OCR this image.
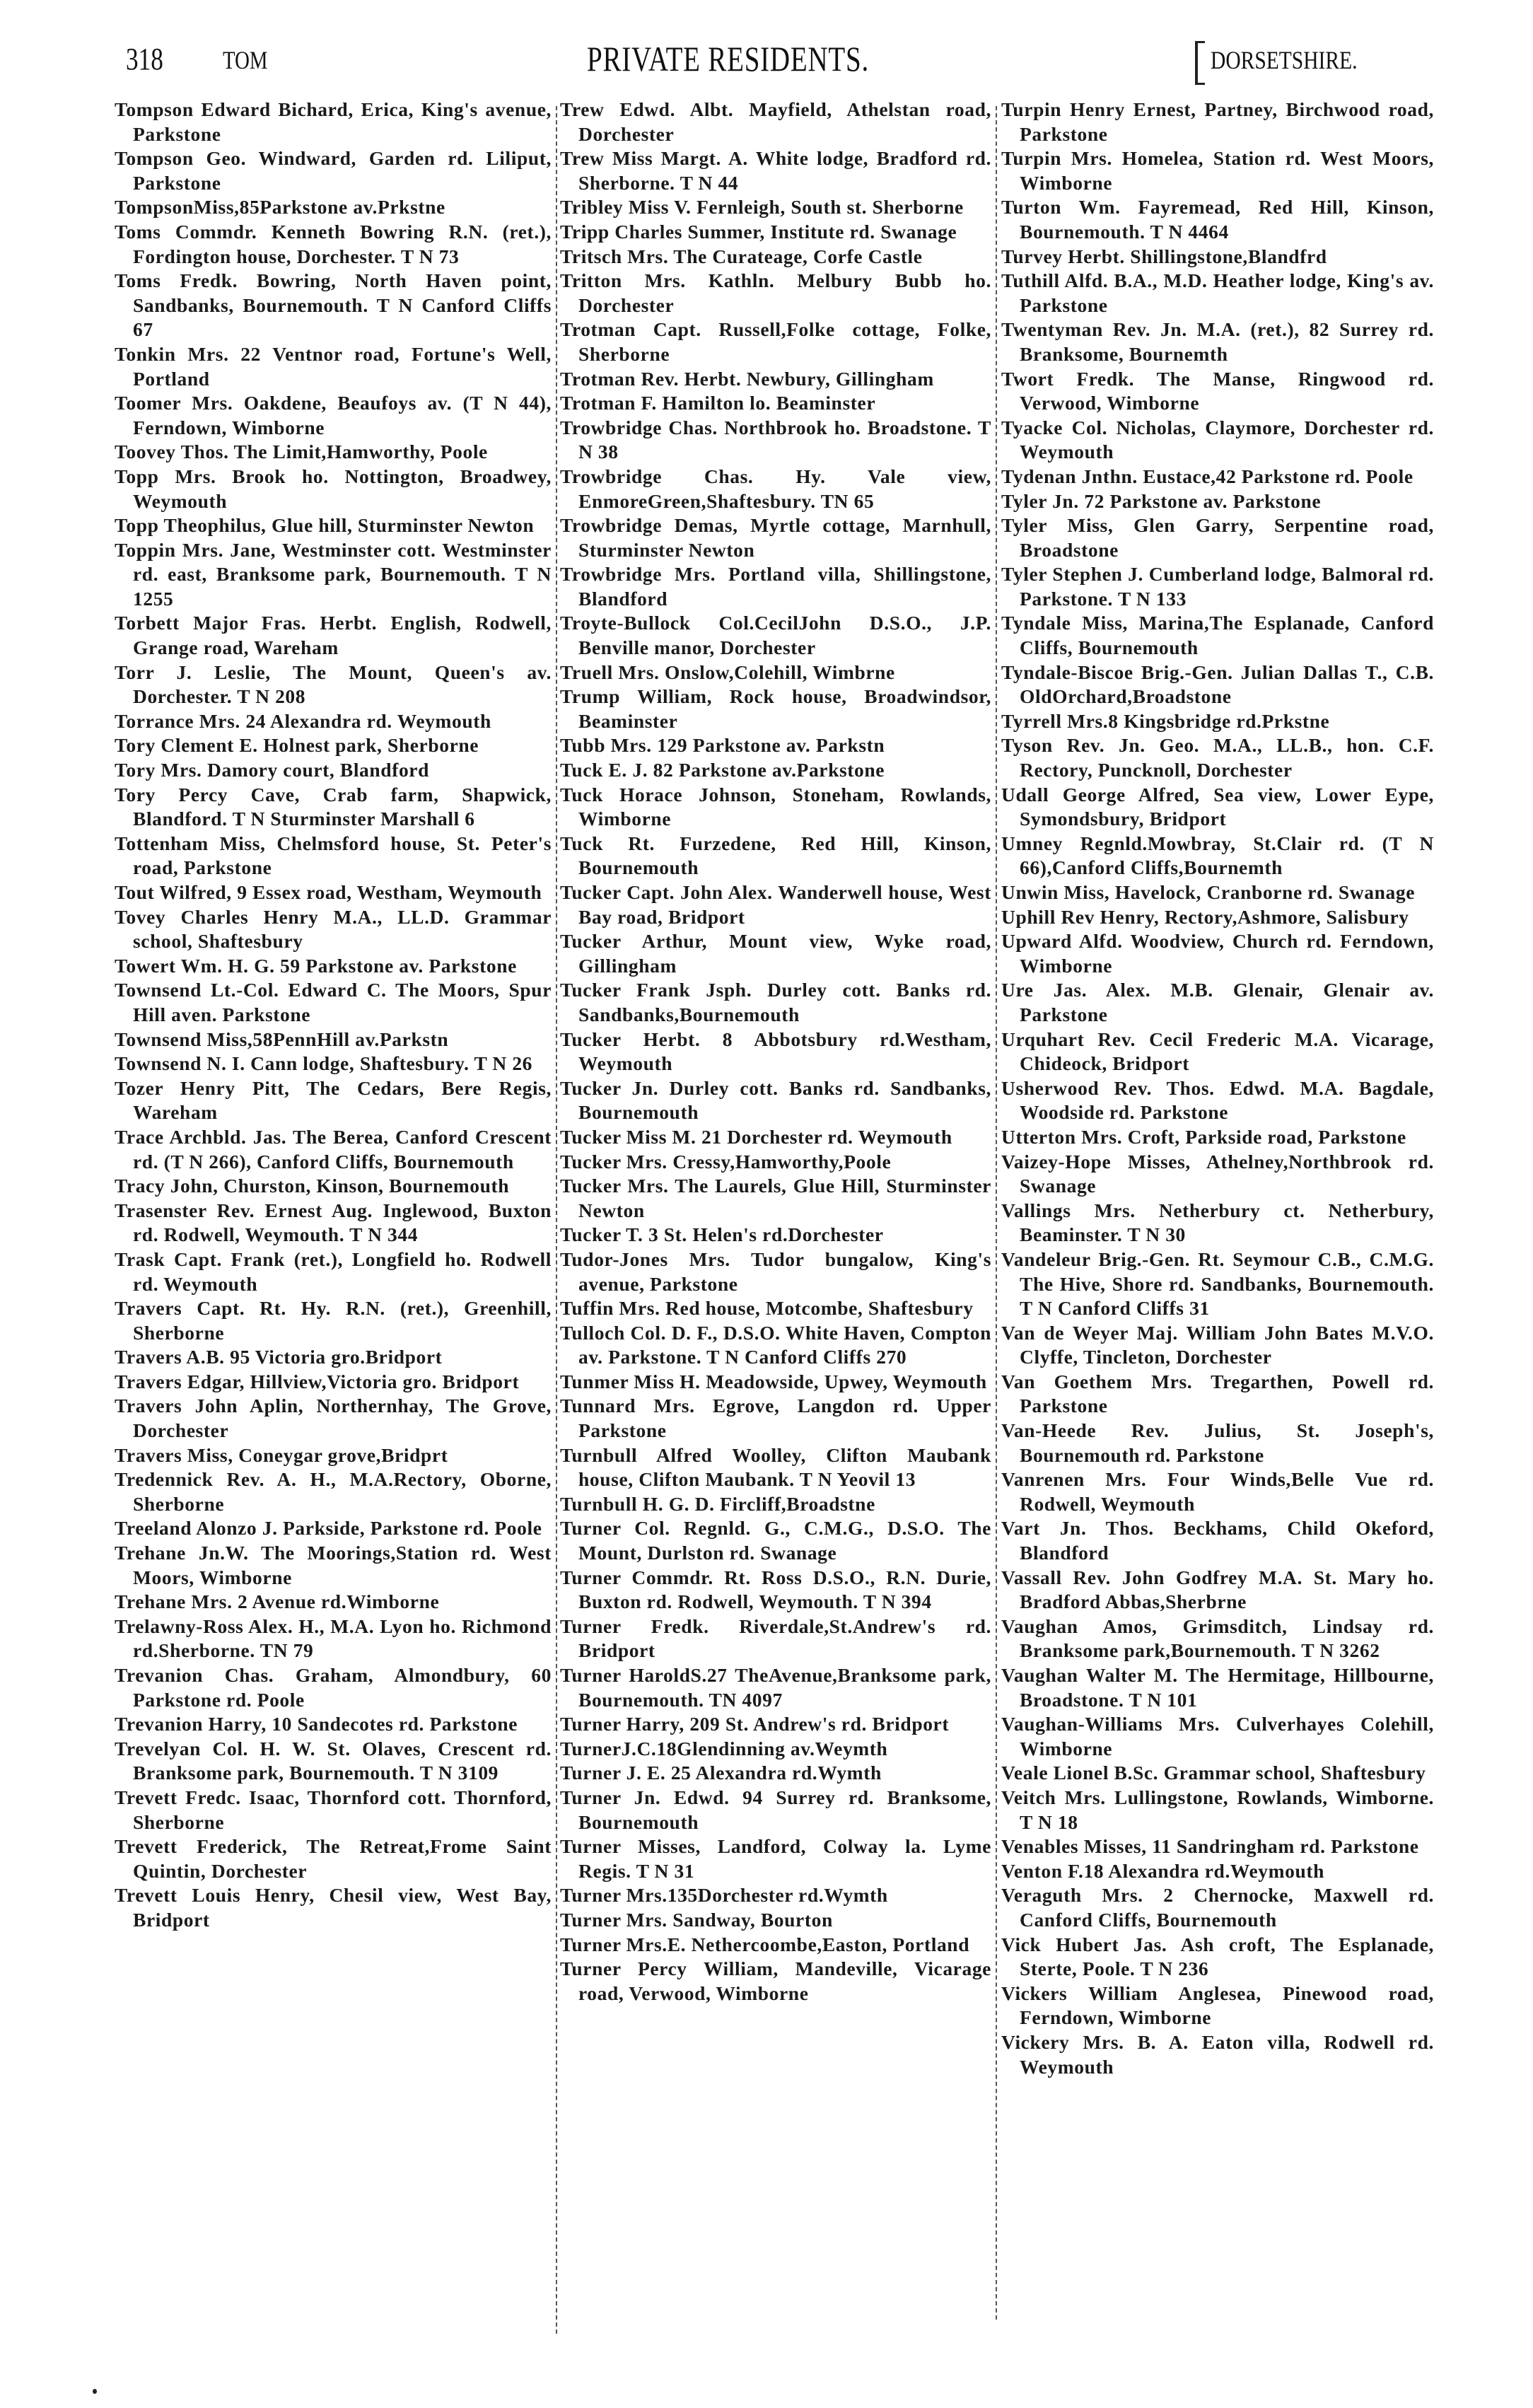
318 TOM	PRIVATE RESIDENTS.	DORSETSHIRE.

Tompson Edward Bichard, Erica, King's avenue, Parkstone

Tompson Geo. Windward, Garden rd. Liliput, Parkstone

TompsonMiss,85Parkstone av.Prkstne

Toms Commdr. Kenneth Bowring R.N. (ret.), Fordington house, Dorchester. T N 73

Toms Fredk. Bowring, North Haven point, Sandbanks, Bournemouth. T N Canford Cliffs 67

Tonkin Mrs. 22 Ventnor road, Fortune's Well, Portland

Toomer Mrs. Oakdene, Beaufoys av. (T N 44), Ferndown, Wimborne

Toovey Thos. The Limit,Hamworthy, Poole

Topp Mrs. Brook ho. Nottington, Broadwey, Weymouth

Topp Theophilus, Glue hill, Sturminster Newton

Toppin Mrs. Jane, Westminster cott. Westminster rd. east, Branksome park, Bournemouth. T N 1255

Torbett Major Fras. Herbt. English, Rodwell, Grange road, Wareham

Torr J. Leslie, The Mount, Queen's av. Dorchester. T N 208

Torrance Mrs. 24 Alexandra rd. Weymouth

Tory Clement E. Holnest park, Sherborne

Tory Mrs. Damory court, Blandford

Tory Percy Cave, Crab farm, Shapwick, Blandford. T N Sturminster Marshall 6

Tottenham Miss, Chelmsford house, St. Peter's road, Parkstone

Tout Wilfred, 9 Essex road, Westham, Weymouth

Tovey Charles Henry M.A., LL.D. Grammar school, Shaftesbury

Towert Wm. H. G. 59 Parkstone av. Parkstone

Townsend Lt.-Col. Edward C. The Moors, Spur Hill aven. Parkstone

Townsend Miss,58PennHill av.Parkstn

Townsend N. I. Cann lodge, Shaftesbury. T N 26

Tozer Henry Pitt, The Cedars, Bere Regis, Wareham

Trace Archbld. Jas. The Berea, Canford Crescent rd. (T N 266), Canford Cliffs, Bournemouth

Tracy John, Churston, Kinson, Bournemouth

Trasenster Rev. Ernest Aug. Inglewood, Buxton rd. Rodwell, Weymouth. T N 344

Trask Capt. Frank (ret.), Longfield ho. Rodwell rd. Weymouth

Travers Capt. Rt. Hy. R.N. (ret.), Greenhill, Sherborne

Travers A.B. 95 Victoria gro.Bridport

Travers Edgar, Hillview,Victoria gro. Bridport

Travers John Aplin, Northernhay, The Grove, Dorchester

Travers Miss, Coneygar grove,Bridprt

Tredennick Rev. A. H., M.A.Rectory, Oborne, Sherborne

Treeland Alonzo J. Parkside, Parkstone rd. Poole

Trehane Jn.W. The Moorings,Station rd. West Moors, Wimborne

Trehane Mrs. 2 Avenue rd.Wimborne

Trelawny-Ross Alex. H., M.A. Lyon ho. Richmond rd.Sherborne. TN 79

Trevanion Chas. Graham, Almondbury, 60 Parkstone rd. Poole

Trevanion Harry, 10 Sandecotes rd. Parkstone

Trevelyan Col. H. W. St. Olaves, Crescent rd. Branksome park, Bournemouth. T N 3109

Trevett Fredc. Isaac, Thornford cott. Thornford, Sherborne

Trevett Frederick, The Retreat,Frome Saint Quintin, Dorchester

Trevett Louis Henry, Chesil view, West Bay, Bridport

Trew Edwd. Albt. Mayfield, Athelstan road, Dorchester

Trew Miss Margt. A. White lodge, Bradford rd. Sherborne. T N 44

Tribley Miss V. Fernleigh, South st. Sherborne

Tripp Charles Summer, Institute rd. Swanage

Tritsch Mrs. The Curateage, Corfe Castle

Tritton Mrs. Kathln. Melbury Bubb ho. Dorchester

Trotman Capt. Russell,Folke cottage, Folke, Sherborne

Trotman Rev. Herbt. Newbury, Gillingham

Trotman F. Hamilton lo. Beaminster

Trowbridge Chas. Northbrook ho. Broadstone. T N 38

Trowbridge Chas. Hy. Vale view, EnmoreGreen,Shaftesbury. TN 65

Trowbridge Demas, Myrtle cottage, Marnhull, Sturminster Newton

Trowbridge Mrs. Portland villa, Shillingstone, Blandford

Troyte-Bullock Col.CecilJohn D.S.O., J.P. Benville manor, Dorchester

Truell Mrs. Onslow,Colehill, Wimbrne

Trump William, Rock house, Broadwindsor, Beaminster

Tubb Mrs. 129 Parkstone av. Parkstn

Tuck E. J. 82 Parkstone av.Parkstone

Tuck Horace Johnson, Stoneham, Rowlands, Wimborne

Tuck Rt. Furzedene, Red Hill, Kinson, Bournemouth

Tucker Capt. John Alex. Wanderwell house, West Bay road, Bridport

Tucker Arthur, Mount view, Wyke road, Gillingham

Tucker Frank Jsph. Durley cott. Banks rd. Sandbanks,Bournemouth

Tucker Herbt. 8 Abbotsbury rd.Westham, Weymouth

Tucker Jn. Durley cott. Banks rd. Sandbanks, Bournemouth

Tucker Miss M. 21 Dorchester rd. Weymouth

Tucker Mrs. Cressy,Hamworthy,Poole

Tucker Mrs. The Laurels, Glue Hill, Sturminster Newton

Tucker T. 3 St. Helen's rd.Dorchester

Tudor-Jones Mrs. Tudor bungalow, King's avenue, Parkstone

Tuffin Mrs. Red house, Motcombe, Shaftesbury

Tulloch Col. D. F., D.S.O. White Haven, Compton av. Parkstone. T N Canford Cliffs 270

Tunmer Miss H. Meadowside, Upwey, Weymouth

Tunnard Mrs. Egrove, Langdon rd. Upper Parkstone

Turnbull Alfred Woolley, Clifton Maubank house, Clifton Maubank. T N Yeovil 13

Turnbull H. G. D. Fircliff,Broadstne

Turner Col. Regnld. G., C.M.G., D.S.O. The Mount, Durlston rd. Swanage

Turner Commdr. Rt. Ross D.S.O., R.N. Durie, Buxton rd. Rodwell, Weymouth. T N 394

Turner Fredk. Riverdale,St.Andrew's rd. Bridport

Turner HaroldS.27 TheAvenue,Branksome park, Bournemouth. TN 4097

Turner Harry, 209 St. Andrew's rd. Bridport

TurnerJ.C.18Glendinning av.Weymth

Turner J. E. 25 Alexandra rd.Wymth

Turner Jn. Edwd. 94 Surrey rd. Branksome, Bournemouth

Turner Misses, Landford, Colway la. Lyme Regis. T N 31

Turner Mrs.135Dorchester rd.Wymth

Turner Mrs. Sandway, Bourton

Turner Mrs.E. Nethercoombe,Easton, Portland

Turner Percy William, Mandeville, Vicarage road, Verwood, Wimborne

Turpin Henry Ernest, Partney, Birchwood road, Parkstone

Turpin Mrs. Homelea, Station rd. West Moors, Wimborne

Turton Wm. Fayremead, Red Hill, Kinson, Bournemouth. T N 4464

Turvey Herbt. Shillingstone,Blandfrd

Tuthill Alfd. B.A., M.D. Heather lodge, King's av. Parkstone

Twentyman Rev. Jn. M.A. (ret.), 82 Surrey rd. Branksome, Bournemth

Twort Fredk. The Manse, Ringwood rd. Verwood, Wimborne

Tyacke Col. Nicholas, Claymore, Dorchester rd. Weymouth

Tydenan Jnthn. Eustace,42 Parkstone rd. Poole

Tyler Jn. 72 Parkstone av. Parkstone

Tyler Miss, Glen Garry, Serpentine road, Broadstone

Tyler Stephen J. Cumberland lodge, Balmoral rd. Parkstone. T N 133

Tyndale Miss, Marina,The Esplanade, Canford Cliffs, Bournemouth

Tyndale-Biscoe Brig.-Gen. Julian Dallas T., C.B. OldOrchard,Broadstone

Tyrrell Mrs.8 Kingsbridge rd.Prkstne

Tyson Rev. Jn. Geo. M.A., LL.B., hon. C.F. Rectory, Puncknoll, Dorchester

Udall George Alfred, Sea view, Lower Eype, Symondsbury, Bridport

Umney Regnld.Mowbray, St.Clair rd. (T N 66),Canford Cliffs,Bournemth

Unwin Miss, Havelock, Cranborne rd. Swanage

Uphill Rev Henry, Rectory,Ashmore, Salisbury

Upward Alfd. Woodview, Church rd. Ferndown, Wimborne

Ure Jas. Alex. M.B. Glenair, Glenair av. Parkstone

Urquhart Rev. Cecil Frederic M.A. Vicarage, Chideock, Bridport

Usherwood Rev. Thos. Edwd. M.A. Bagdale, Woodside rd. Parkstone

Utterton Mrs. Croft, Parkside road, Parkstone

Vaizey-Hope Misses, Athelney,Northbrook rd. Swanage

Vallings Mrs. Netherbury ct. Netherbury, Beaminster. T N 30

Vandeleur Brig.-Gen. Rt. Seymour C.B., C.M.G. The Hive, Shore rd. Sandbanks, Bournemouth. T N Canford Cliffs 31

Van de Weyer Maj. William John Bates M.V.O. Clyffe, Tincleton, Dorchester

Van Goethem Mrs. Tregarthen, Powell rd. Parkstone

Van-Heede Rev. Julius, St. Joseph's, Bournemouth rd. Parkstone

Vanrenen Mrs. Four Winds,Belle Vue rd. Rodwell, Weymouth

Vart Jn. Thos. Beckhams, Child Okeford, Blandford

Vassall Rev. John Godfrey M.A. St. Mary ho. Bradford Abbas,Sherbrne

Vaughan Amos, Grimsditch, Lindsay rd. Branksome park,Bournemouth. T N 3262

Vaughan Walter M. The Hermitage, Hillbourne, Broadstone. T N 101

Vaughan-Williams Mrs. Culverhayes Colehill, Wimborne

Veale Lionel B.Sc. Grammar school, Shaftesbury

Veitch Mrs. Lullingstone, Rowlands, Wimborne. T N 18

Venables Misses, 11 Sandringham rd. Parkstone

Venton F.18 Alexandra rd.Weymouth

Veraguth Mrs. 2 Chernocke, Maxwell rd. Canford Cliffs, Bournemouth

Vick Hubert Jas. Ash croft, The Esplanade, Sterte, Poole. T N 236

Vickers William Anglesea, Pinewood road, Ferndown, Wimborne

Vickery Mrs. B. A. Eaton villa, Rodwell rd. Weymouth
